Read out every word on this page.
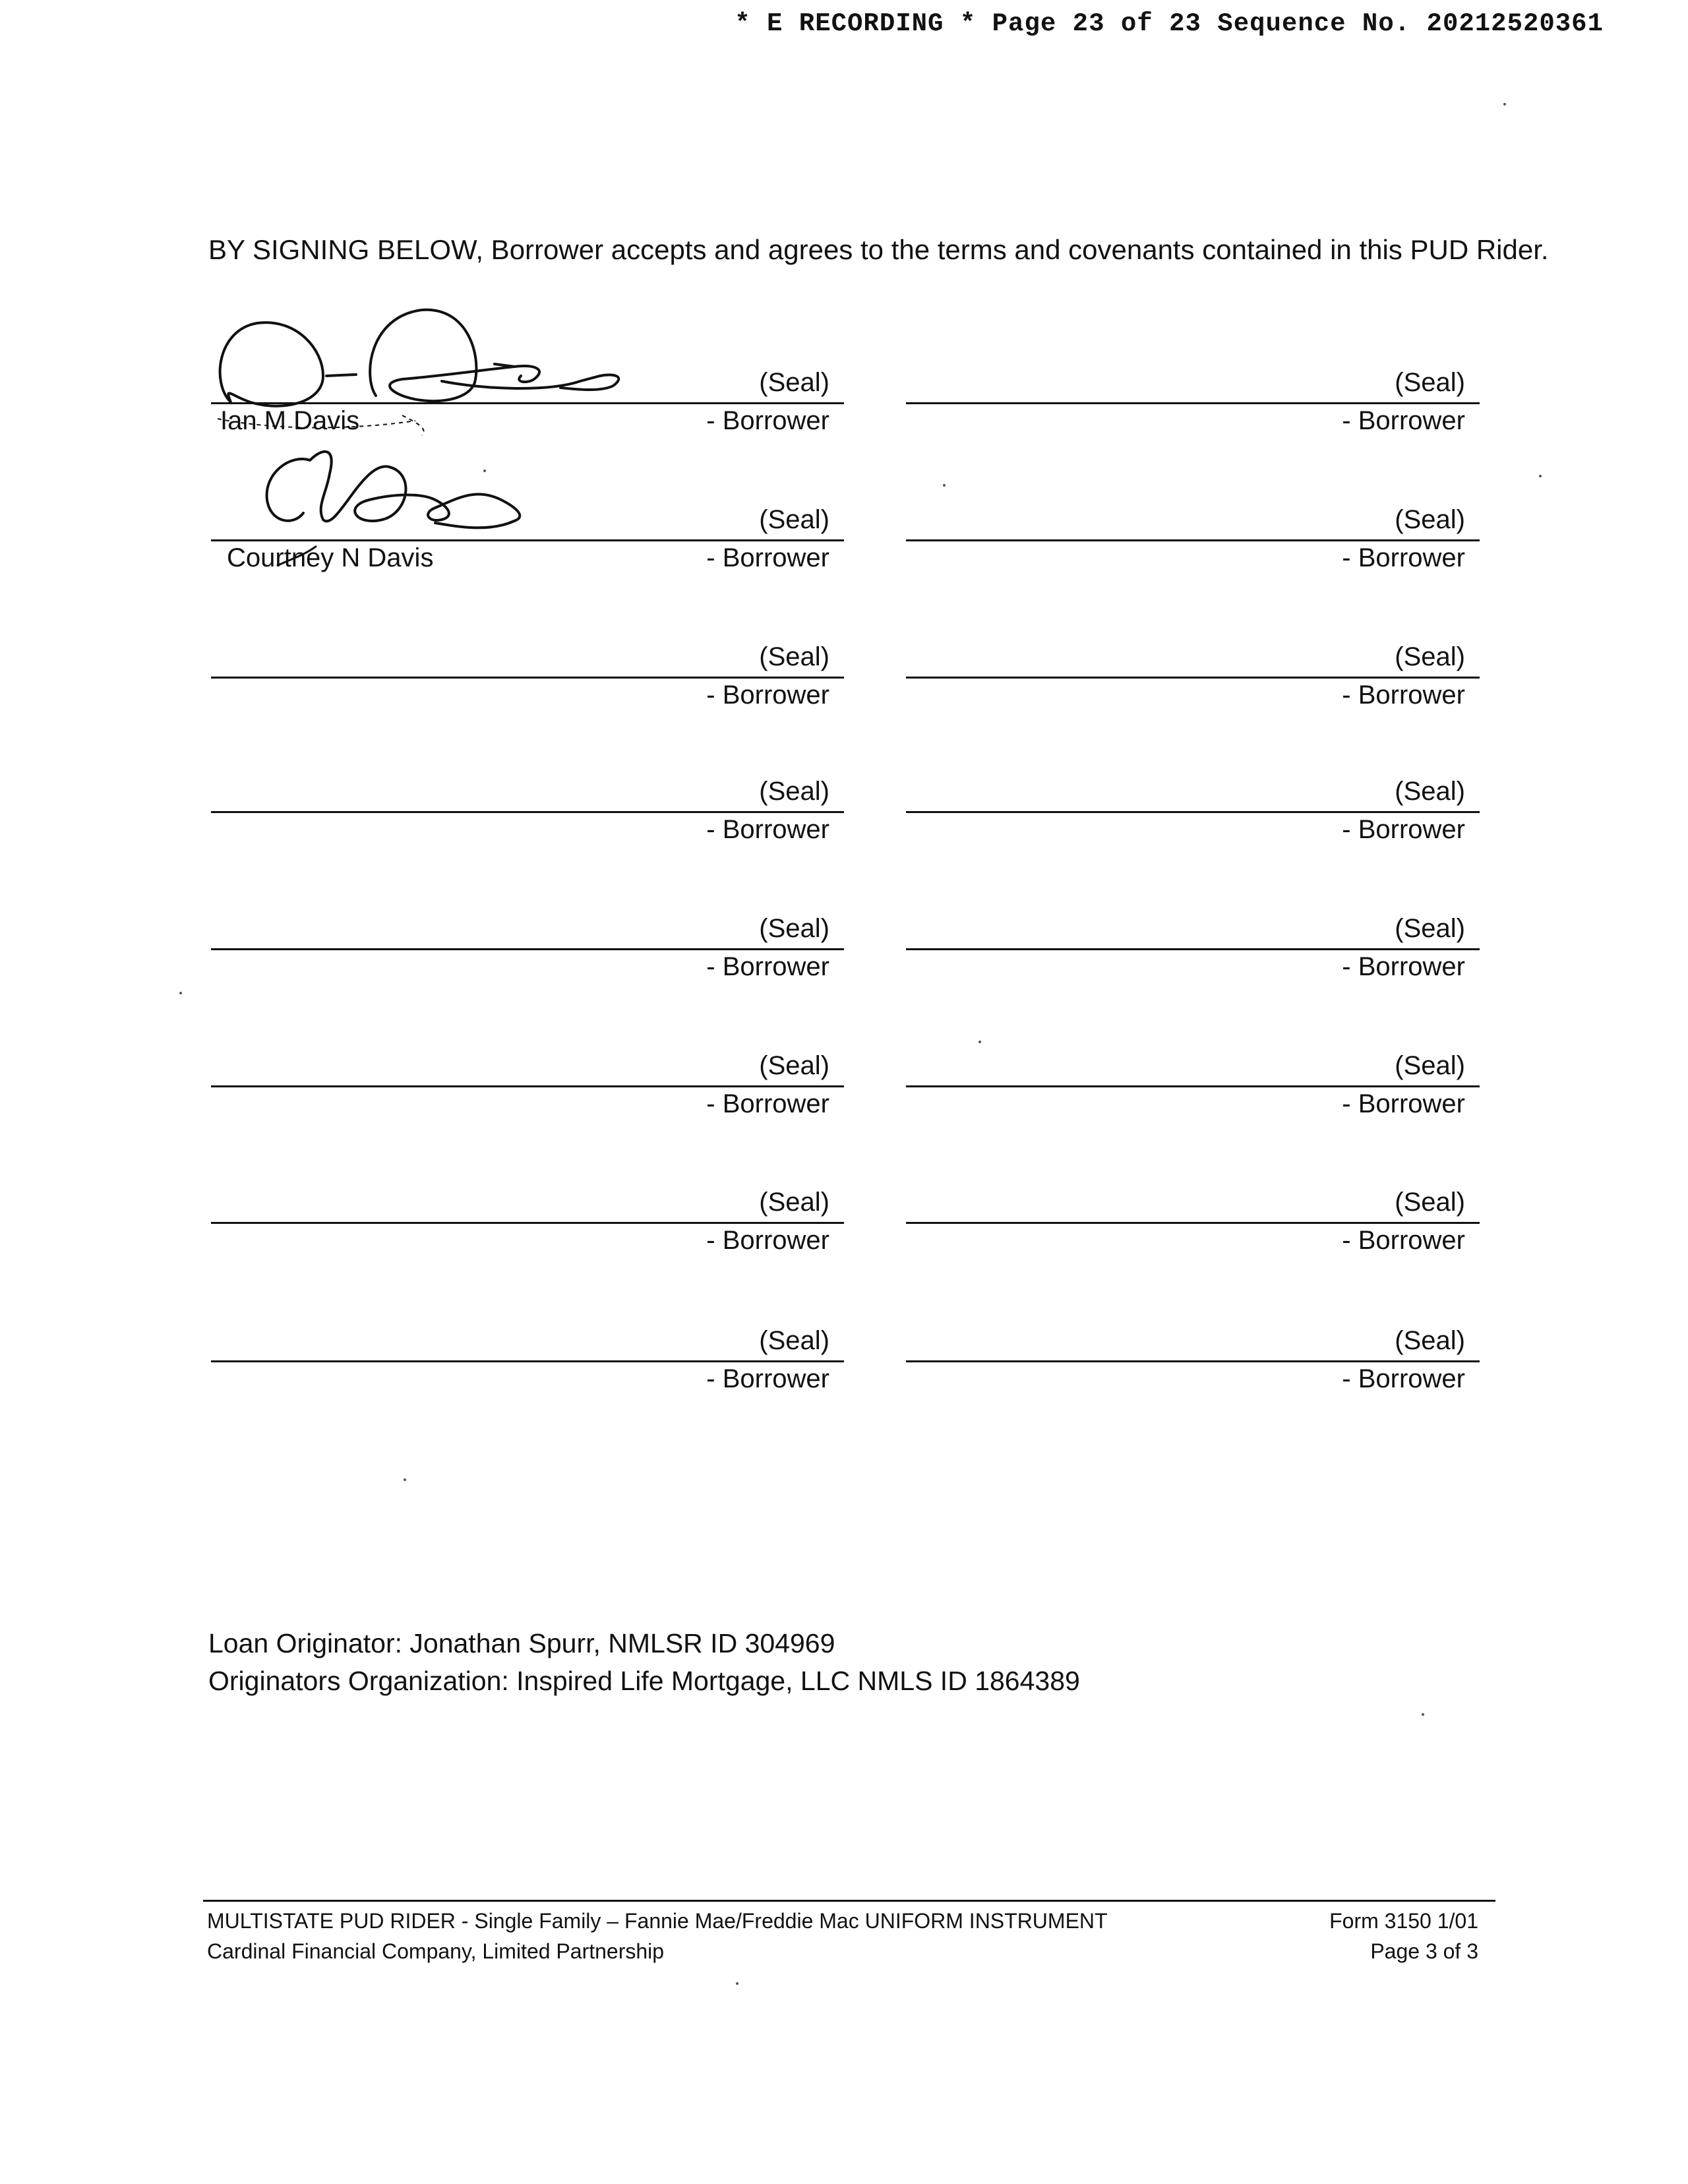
* E RECORDING * Page 23 of 23 Sequence No. 20212520361
BY SIGNING BELOW, Borrower accepts and agrees to the terms and covenants contained in this PUD Rider.
Ian M Davis
(Seal)
- Borrower
(Seal)
- Borrower
Courtney N Davis
(Seal)
- Borrower
(Seal)
- Borrower
(Seal)
- Borrower
(Seal)
- Borrower
(Seal)
- Borrower
(Seal)
- Borrower
(Seal)
- Borrower
(Seal)
- Borrower
(Seal)
- Borrower
(Seal)
- Borrower
(Seal)
- Borrower
(Seal)
- Borrower
(Seal)
- Borrower
(Seal)
- Borrower
Loan Originator: Jonathan Spurr, NMLSR ID 304969
Originators Organization: Inspired Life Mortgage, LLC NMLS ID 1864389
MULTISTATE PUD RIDER - Single Family – Fannie Mae/Freddie Mac UNIFORM INSTRUMENT
Cardinal Financial Company, Limited Partnership
Form 3150 1/01
Page 3 of 3
